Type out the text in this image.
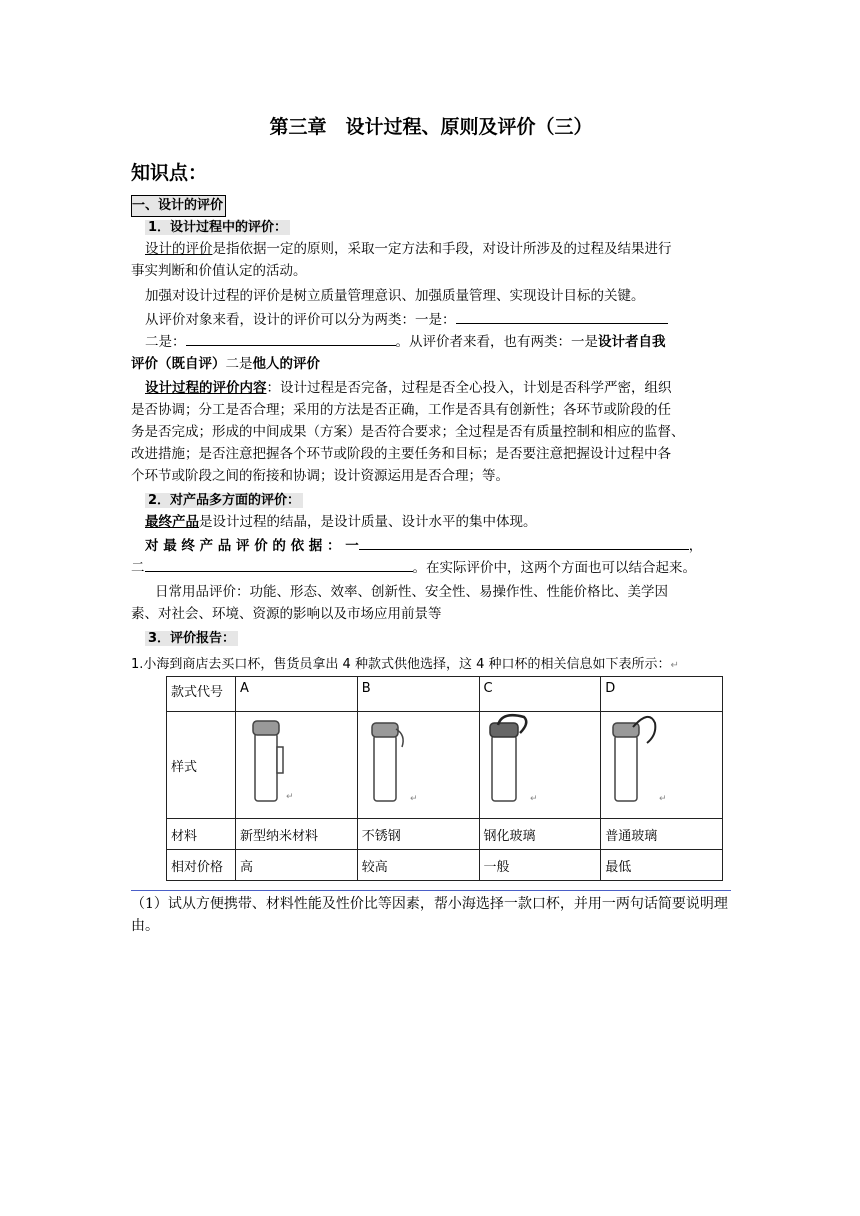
第三章　设计过程、原则及评价（三）
知识点：
一、设计的评价
1．设计过程中的评价：
设计的评价是指依据一定的原则，采取一定方法和手段，对设计所涉及的过程及结果进行
事实判断和价值认定的活动。
加强对设计过程的评价是树立质量管理意识、加强质量管理、实现设计目标的关键。
从评价对象来看，设计的评价可以分为两类：一是：
二是：	。从评价者来看，也有两类：一是设计者自我
评价（既自评）二是他人的评价
设计过程的评价内容：设计过程是否完备，过程是否全心投入，计划是否科学严密，组织
是否协调；分工是否合理；采用的方法是否正确，工作是否具有创新性；各环节或阶段的任
务是否完成；形成的中间成果（方案）是否符合要求；全过程是否有质量控制和相应的监督、
改进措施；是否注意把握各个环节或阶段的主要任务和目标；是否要注意把握设计过程中各
个环节或阶段之间的衔接和协调；设计资源运用是否合理；等。
2．对产品多方面的评价：
最终产品是设计过程的结晶，是设计质量、设计水平的集中体现。
对 最 终 产 品 评 价 的 依 据 ： 一	，
二	。在实际评价中，这两个方面也可以结合起来。
日常用品评价：功能、形态、效率、创新性、安全性、易操作性、性能价格比、美学因
素、对社会、环境、资源的影响以及市场应用前景等
3．评价报告：
1.小海到商店去买口杯，售货员拿出 4 种款式供他选择，这 4 种口杯的相关信息如下表所示：↵
款式代号	A	B	C	D
样式	↵	↵	↵	↵

材料	新型纳米材料	不锈钢	钢化玻璃	普通玻璃
相对价格	高	较高	一般	最低
（1）试从方便携带、材料性能及性价比等因素，帮小海选择一款口杯，并用一两句话简要说明理由。
